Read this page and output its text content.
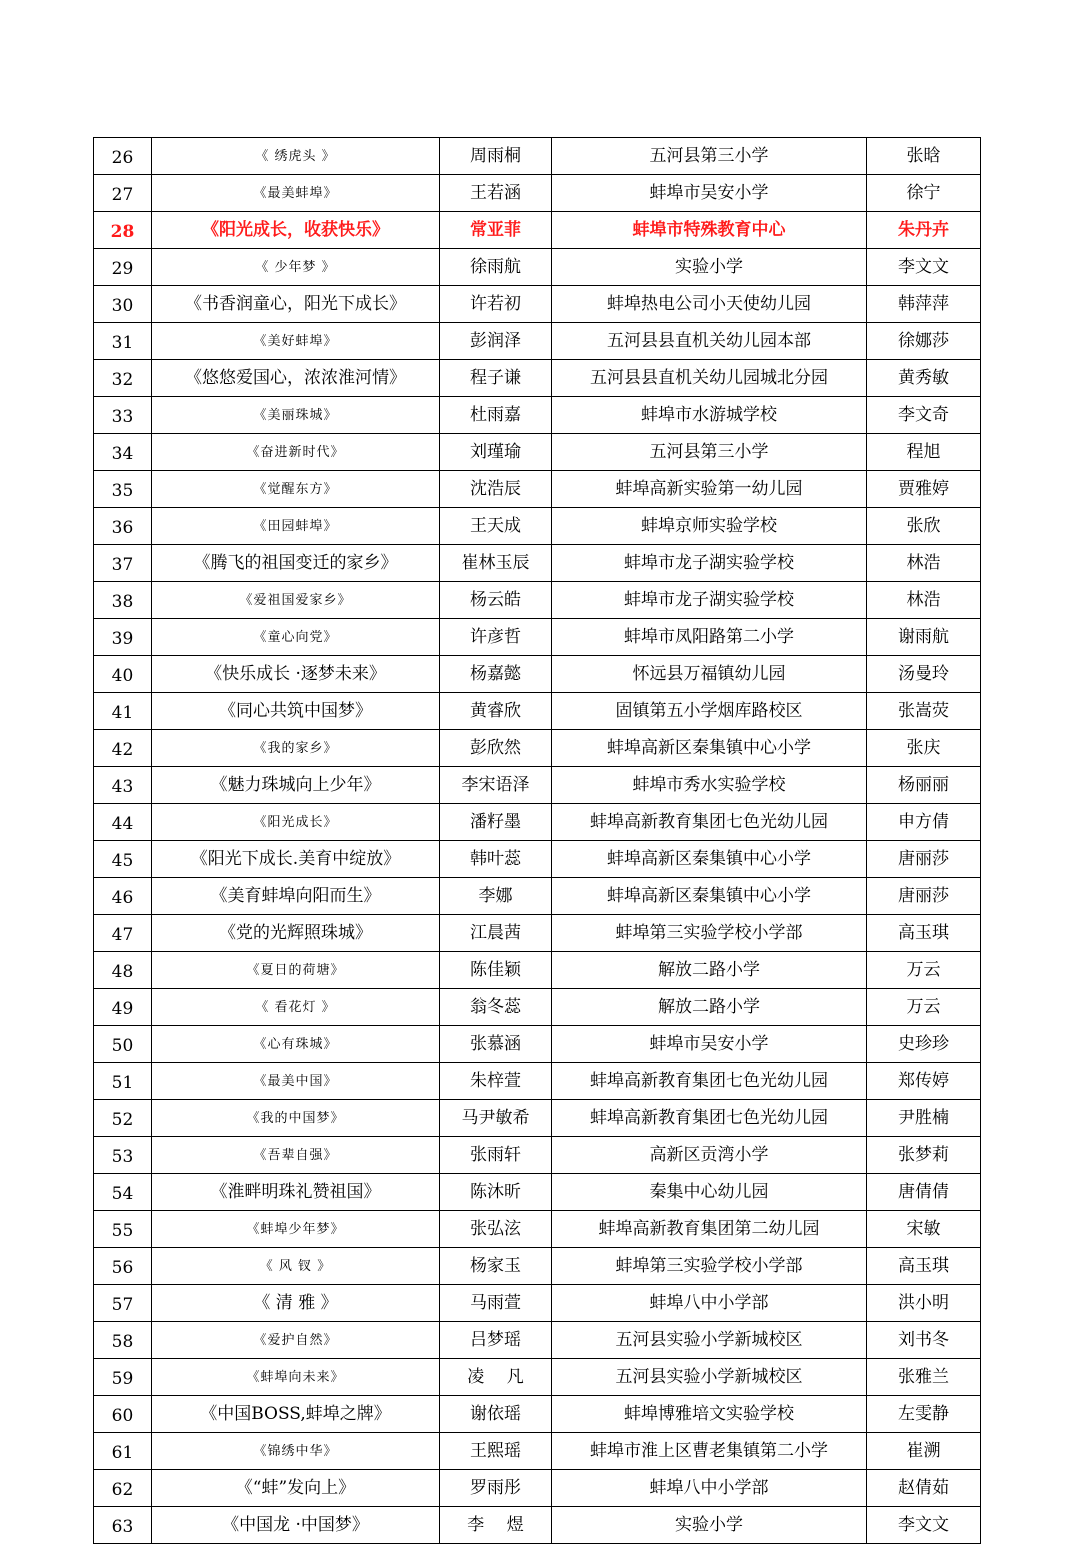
26	《 绣虎头 》	周雨桐	五河县第三小学	张晗
27	《最美蚌埠》	王若涵	蚌埠市吴安小学	徐宁
28	《阳光成长，收获快乐》	常亚菲	蚌埠市特殊教育中心	朱丹卉
29	《 少年梦 》	徐雨航	实验小学	李文文
30	《书香润童心，阳光下成长》	许若初	蚌埠热电公司小天使幼儿园	韩萍萍
31	《美好蚌埠》	彭润泽	五河县县直机关幼儿园本部	徐娜莎
32	《悠悠爱国心，浓浓淮河情》	程子谦	五河县县直机关幼儿园城北分园	黄秀敏
33	《美丽珠城》	杜雨嘉	蚌埠市水游城学校	李文奇
34	《奋进新时代》	刘瑾瑜	五河县第三小学	程旭
35	《觉醒东方》	沈浩辰	蚌埠高新实验第一幼儿园	贾雅婷
36	《田园蚌埠》	王天成	蚌埠京师实验学校	张欣
37	《腾飞的祖国变迁的家乡》	崔林玉辰	蚌埠市龙子湖实验学校	林浩
38	《爱祖国爱家乡》	杨云皓	蚌埠市龙子湖实验学校	林浩
39	《童心向党》	许彦哲	蚌埠市凤阳路第二小学	谢雨航
40	《快乐成长 ·逐梦未来》	杨嘉懿	怀远县万福镇幼儿园	汤曼玲
41	《同心共筑中国梦》	黄睿欣	固镇第五小学烟库路校区	张嵩荧
42	《我的家乡》	彭欣然	蚌埠高新区秦集镇中心小学	张庆
43	《魅力珠城向上少年》	李宋语泽	蚌埠市秀水实验学校	杨丽丽
44	《阳光成长》	潘籽墨	蚌埠高新教育集团七色光幼儿园	申方倩
45	《阳光下成长.美育中绽放》	韩叶蕊	蚌埠高新区秦集镇中心小学	唐丽莎
46	《美育蚌埠向阳而生》	李娜	蚌埠高新区秦集镇中心小学	唐丽莎
47	《党的光辉照珠城》	江晨茜	蚌埠第三实验学校小学部	高玉琪
48	《夏日的荷塘》	陈佳颖	解放二路小学	万云
49	《 看花灯 》	翁冬蕊	解放二路小学	万云
50	《心有珠城》	张慕涵	蚌埠市吴安小学	史珍珍
51	《最美中国》	朱梓萱	蚌埠高新教育集团七色光幼儿园	郑传婷
52	《我的中国梦》	马尹敏希	蚌埠高新教育集团七色光幼儿园	尹胜楠
53	《吾辈自强》	张雨轩	高新区贡湾小学	张梦莉
54	《淮畔明珠礼赞祖国》	陈沐昕	秦集中心幼儿园	唐倩倩
55	《蚌埠少年梦》	张弘泫	蚌埠高新教育集团第二幼儿园	宋敏
56	《 风 钗 》	杨家玉	蚌埠第三实验学校小学部	高玉琪
57	《 清 雅 》	马雨萱	蚌埠八中小学部	洪小明
58	《爱护自然》	吕梦瑶	五河县实验小学新城校区	刘书冬
59	《蚌埠向未来》	凌　 凡	五河县实验小学新城校区	张雅兰
60	《中国BOSS,蚌埠之牌》	谢依瑶	蚌埠博雅培文实验学校	左雯静
61	《锦绣中华》	王熙瑶	蚌埠市淮上区曹老集镇第二小学	崔溯
62	《“蚌”发向上》	罗雨彤	蚌埠八中小学部	赵倩茹
63	《中国龙 ·中国梦》	李　 煜	实验小学	李文文
